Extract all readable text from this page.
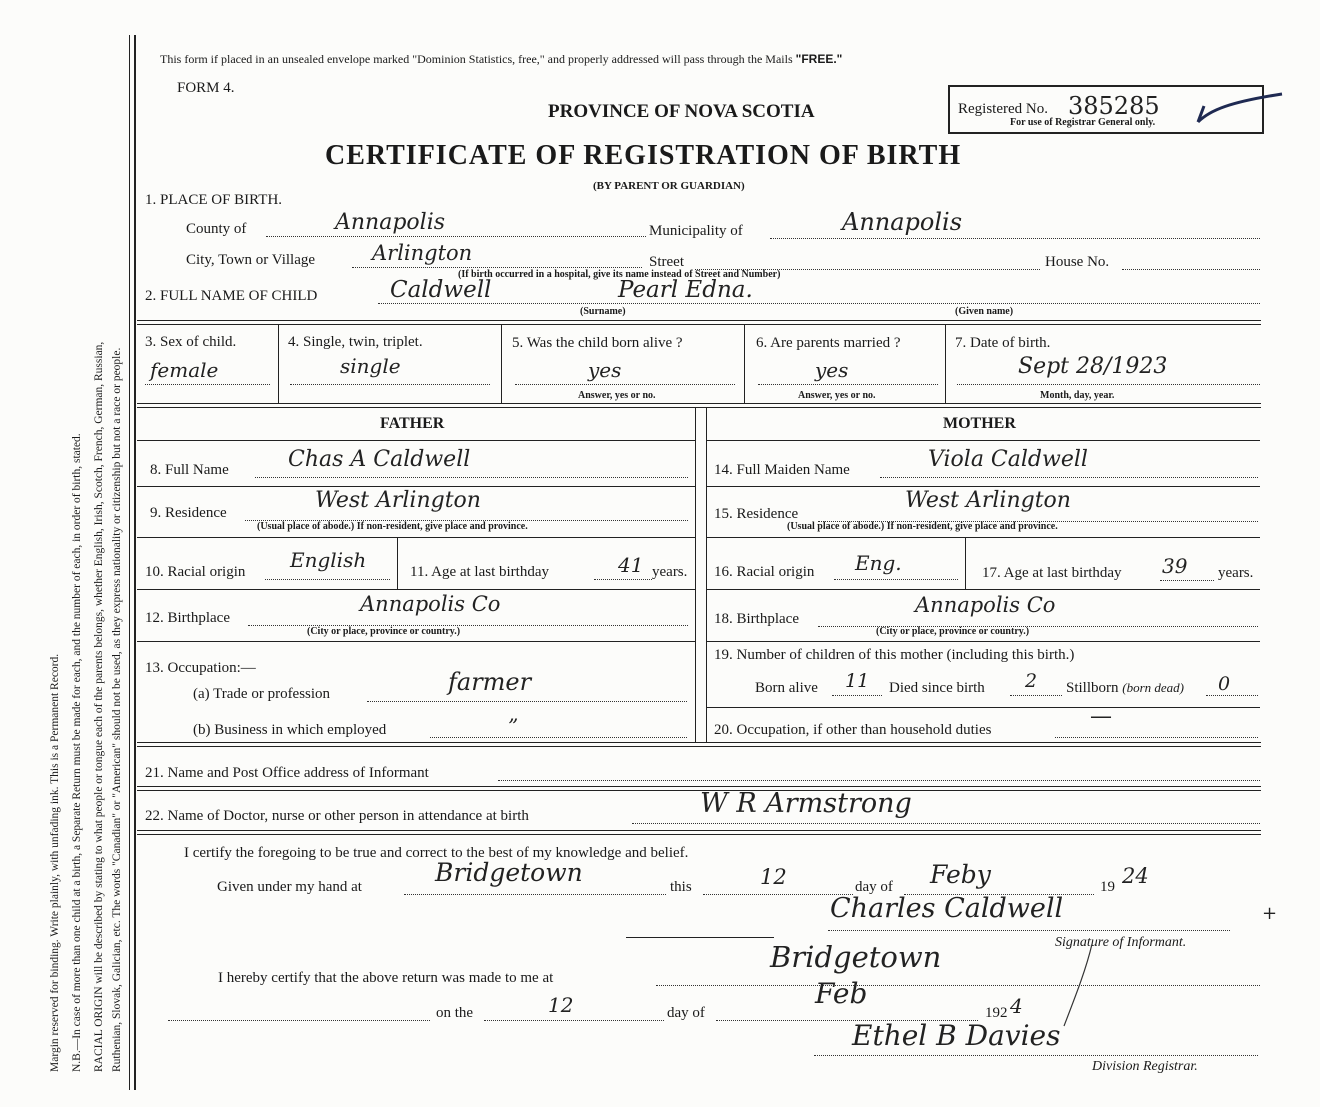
Margin reserved for binding. Write plainly, with unfading ink. This is a Permanent Record. N.B.—In case of more than one child at a birth, a Separate Return must be made for each, and the number of each, in order of birth, stated. RACIAL ORIGIN will be described by stating to what people or tongue each of the parents belongs, whether English, Irish, Scotch, French, German, Russian, Ruthenian, Slovak, Galician, etc. The words "Canadian" or "American" should not be used, as they express nationality or citizenship but not a race or people.
This form if placed in an unsealed envelope marked "Dominion Statistics, free," and properly addressed will pass through the Mails "FREE."
FORM 4.
PROVINCE OF NOVA SCOTIA	Registered No. 385285
For use of Registrar General only.
CERTIFICATE OF REGISTRATION OF BIRTH
(BY PARENT OR GUARDIAN)
1. PLACE OF BIRTH.
County of	Annapolis	Municipality of	Annapolis
City, Town or Village	Arlington	Street	House No.
(If birth occurred in a hospital, give its name instead of Street and Number)
2. FULL NAME OF CHILD	Caldwell	Pearl Edna.
(Surname)	(Given name)
3. Sex of child.
female
4. Single, twin, triplet.
single
5. Was the child born alive ?
yes
Answer, yes or no.
6. Are parents married ?
yes
Answer, yes or no.
7. Date of birth.
Sept 28/1923
Month, day, year.
FATHER	MOTHER
8. Full Name	Chas A Caldwell	14. Full Maiden Name	Viola Caldwell
9. Residence	West Arlington
(Usual place of abode.) If non-resident, give place and province.
15. Residence
West Arlington
(Usual place of abode.) If non-resident, give place and province.
10. Racial origin English	11. Age at last birthday	41 years. 16. Racial origin Eng.	17. Age at last birthday 39 years.
12. Birthplace
Annapolis Co
(City or place, province or country.)
18. Birthplace
Annapolis Co
(City or place, province or country.)
13. Occupation:—
(a) Trade or profession	farmer
(b) Business in which employed	”
19. Number of children of this mother (including this birth.)
Born alive 11 Died since birth 2 Stillborn (born dead) 0
20. Occupation, if other than household duties
—
21. Name and Post Office address of Informant
22. Name of Doctor, nurse or other person in attendance at birth	W R Armstrong
I certify the foregoing to be true and correct to the best of my knowledge and belief.
Given under my hand at	Bridgetown	this	12	day of Feby	19 24
Charles Caldwell	+
Signature of Informant.
I hereby certify that the above return was made to me at
Bridgetown
on the	12	day of
Feb
192 4
Ethel B Davies
Division Registrar.
